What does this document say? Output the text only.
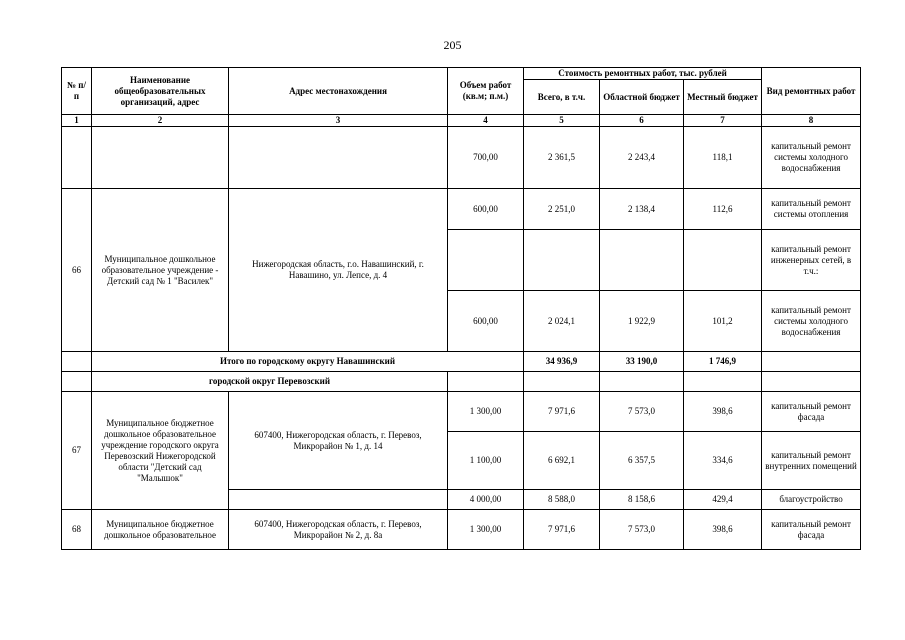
205
№ п/п	Наименование общеобразовательных организаций, адрес	Адрес местонахождения	Объем работ (кв.м; п.м.)	Стоимость ремонтных работ, тыс. рублей			Вид ремонтных работ
				Всего, в т.ч.	Областной бюджет	Местный бюджет	
1	2	3	4	5	6	7	8
			700,00	2 361,5	2 243,4	118,1	капитальный ремонт системы холодного водоснабжения
66	Муниципальное дошкольное образовательное учреждение - Детский сад № 1 "Василек"	Нижегородская область, г.о. Навашинский, г. Навашино, ул. Лепсе, д. 4	600,00	2 251,0	2 138,4	112,6	капитальный ремонт системы отопления
							капитальный ремонт инженерных сетей, в т.ч.:
			600,00	2 024,1	1 922,9	101,2	капитальный ремонт системы холодного водоснабжения
	Итого по городскому округу Навашинский			34 936,9	33 190,0	1 746,9	
	городской округ Перевозский						
67	Муниципальное бюджетное дошкольное образовательное учреждение городского округа Перевозский Нижегородской области "Детский сад "Малышок"	607400, Нижегородская область, г. Перевоз, Микрорайон № 1, д. 14	1 300,00	7 971,6	7 573,0	398,6	капитальный ремонт фасада
			1 100,00	6 692,1	6 357,5	334,6	капитальный ремонт внутренних помещений
			4 000,00	8 588,0	8 158,6	429,4	благоустройство
68	Муниципальное бюджетное дошкольное образовательное	607400, Нижегородская область, г. Перевоз, Микрорайон № 2, д. 8а	1 300,00	7 971,6	7 573,0	398,6	капитальный ремонт фасада
